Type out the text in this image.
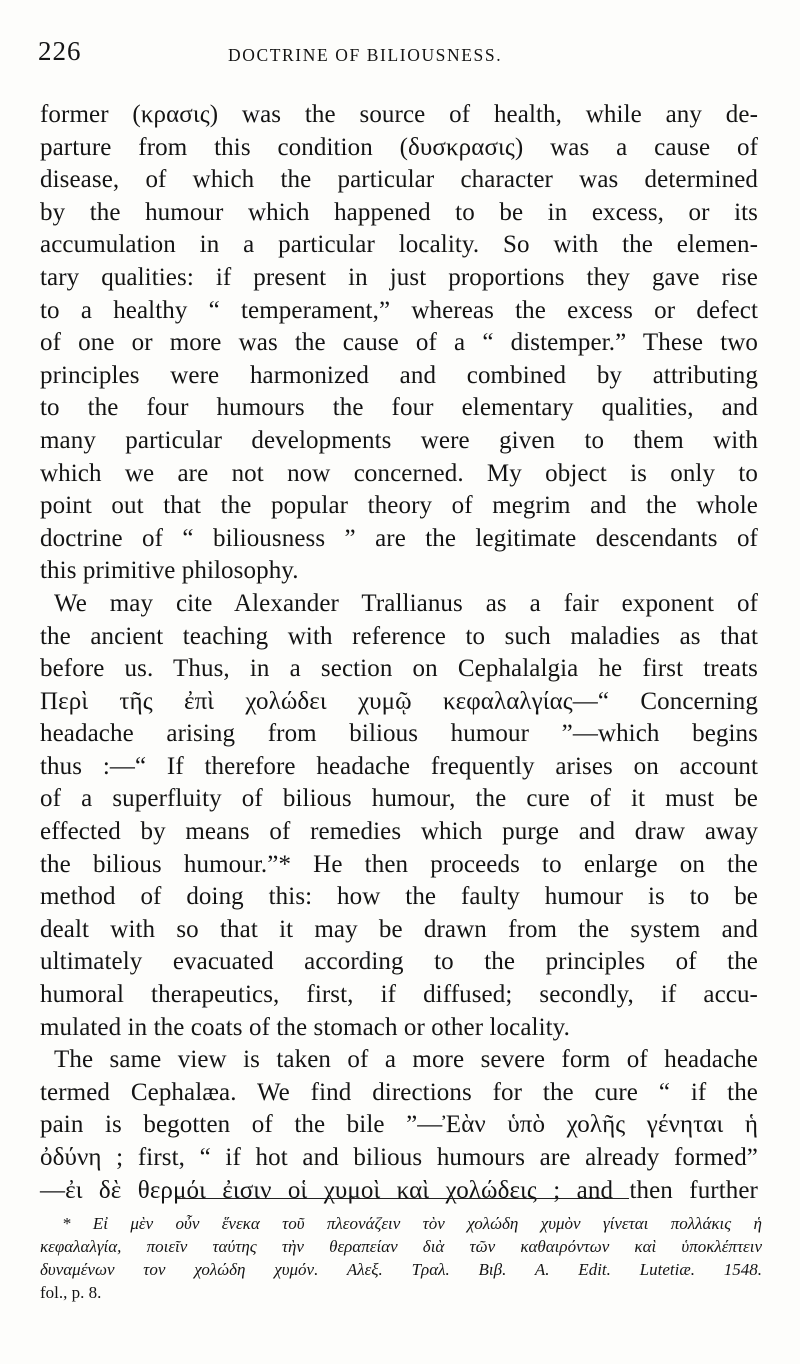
226	DOCTRINE OF BILIOUSNESS.
former (κρασις) was the source of health, while any de-
parture from this condition (δυσκρασις) was a cause of
disease, of which the particular character was determined
by the humour which happened to be in excess, or its
accumulation in a particular locality. So with the elemen-
tary qualities: if present in just proportions they gave rise
to a healthy “ temperament,” whereas the excess or defect
of one or more was the cause of a “ distemper.” These two
principles were harmonized and combined by attributing
to the four humours the four elementary qualities, and
many particular developments were given to them with
which we are not now concerned. My object is only to
point out that the popular theory of megrim and the whole
doctrine of “ biliousness ” are the legitimate descendants of
this primitive philosophy.
We may cite Alexander Trallianus as a fair exponent of
the ancient teaching with reference to such maladies as that
before us. Thus, in a section on Cephalalgia he first treats
Περὶ τῆς ἐπὶ χολώδει χυμῷ κεφαλαλγίας—“ Concerning
headache arising from bilious humour ”—which begins
thus :—“ If therefore headache frequently arises on account
of a superfluity of bilious humour, the cure of it must be
effected by means of remedies which purge and draw away
the bilious humour.”* He then proceeds to enlarge on the
method of doing this: how the faulty humour is to be
dealt with so that it may be drawn from the system and
ultimately evacuated according to the principles of the
humoral therapeutics, first, if diffused; secondly, if accu-
mulated in the coats of the stomach or other locality.
The same view is taken of a more severe form of headache
termed Cephalæa. We find directions for the cure “ if the
pain is begotten of the bile ”—Ἐὰν ὑπὸ χολῆς γένηται ἡ
ὀδύνη ; first, “ if hot and bilious humours are already formed”
—ἐι δὲ θερμόι ἐισιν οἱ χυμοὶ καὶ χολώδεις ; and then further
* Εἰ μὲν οὖν ἕνεκα τοῦ πλεονάζειν τὸν χολώδη χυμὸν γίνεται πολλάκις ἡ
κεφαλαλγία, ποιεῖν ταύτης τὴν θεραπείαν διὰ τῶν καθαιρόντων καὶ ὑποκλέπτειν
δυναμένων τον χολώδη χυμόν. Αλεξ. Τραλ. Βιβ. Α. Edit. Lutetiæ. 1548.
fol., p. 8.
